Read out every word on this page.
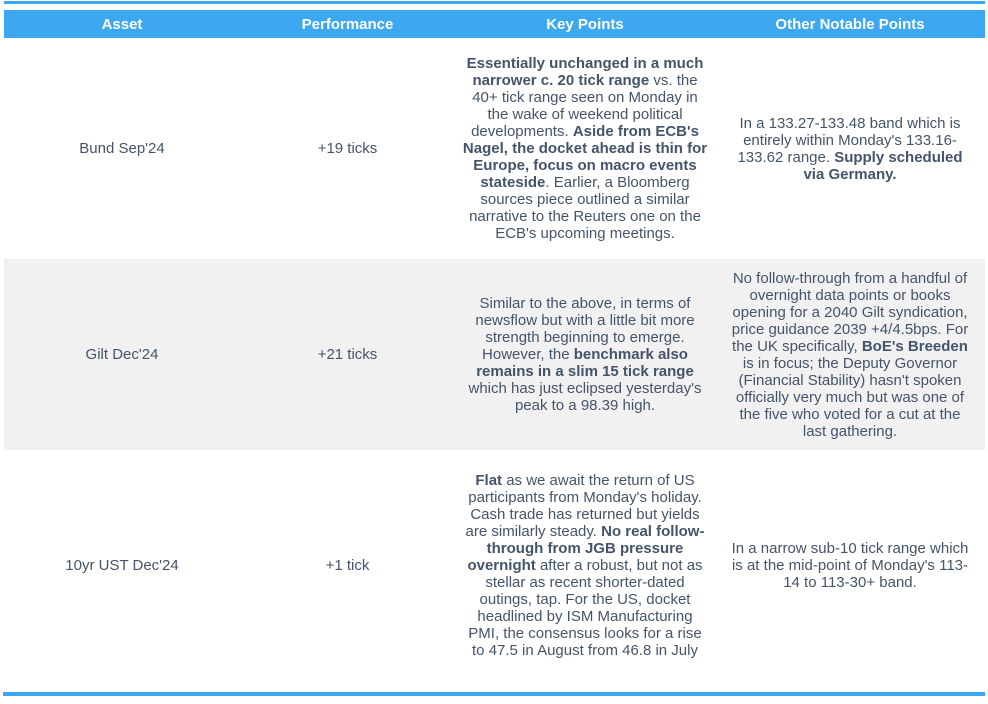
Asset	Performance	Key Points	Other Notable Points
Bund Sep'24	+19 ticks	Essentially unchanged in a much narrower c. 20 tick range vs. the 40+ tick range seen on Monday in the wake of weekend political developments. Aside from ECB's Nagel, the docket ahead is thin for Europe, focus on macro events stateside. Earlier, a Bloomberg sources piece outlined a similar narrative to the Reuters one on the ECB's upcoming meetings.	In a 133.27-133.48 band which is entirely within Monday's 133.16-133.62 range. Supply scheduled via Germany.
Gilt Dec'24	+21 ticks	Similar to the above, in terms of newsflow but with a little bit more strength beginning to emerge. However, the benchmark also remains in a slim 15 tick range which has just eclipsed yesterday's peak to a 98.39 high.	No follow-through from a handful of overnight data points or books opening for a 2040 Gilt syndication, price guidance 2039 +4/4.5bps. For the UK specifically, BoE's Breeden is in focus; the Deputy Governor (Financial Stability) hasn't spoken officially very much but was one of the five who voted for a cut at the last gathering.
10yr UST Dec'24	+1 tick	Flat as we await the return of US participants from Monday's holiday. Cash trade has returned but yields are similarly steady. No real follow-through from JGB pressure overnight after a robust, but not as stellar as recent shorter-dated outings, tap. For the US, docket headlined by ISM Manufacturing PMI, the consensus looks for a rise to 47.5 in August from 46.8 in July	In a narrow sub-10 tick range which is at the mid-point of Monday's 113-14 to 113-30+ band.
